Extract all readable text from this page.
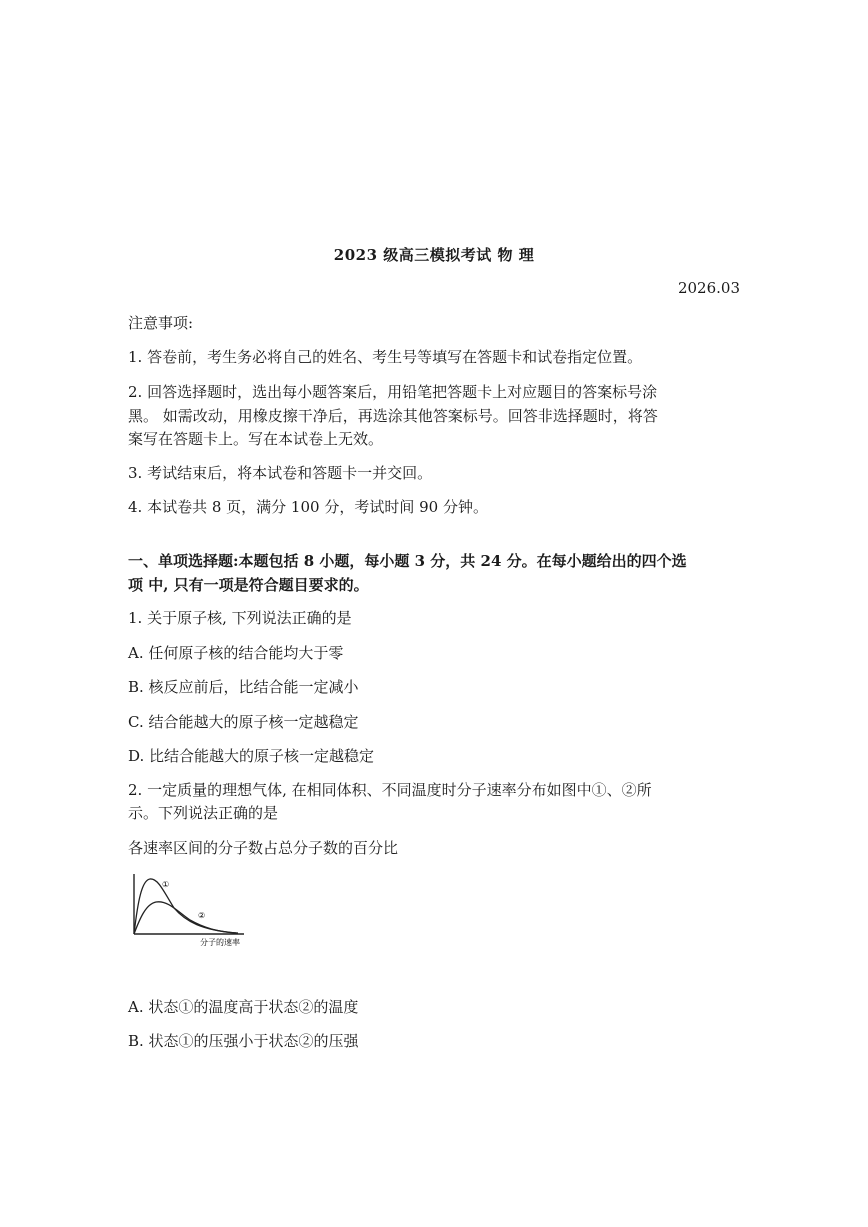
2023 级高三模拟考试 物 理
2026.03
注意事项:
1. 答卷前，考生务必将自己的姓名、考生号等填写在答题卡和试卷指定位置。
2. 回答选择题时，选出每小题答案后，用铅笔把答题卡上对应题目的答案标号涂
黑。 如需改动，用橡皮擦干净后，再选涂其他答案标号。回答非选择题时，将答
案写在答题卡上。写在本试卷上无效。
3. 考试结束后，将本试卷和答题卡一并交回。
4. 本试卷共 8 页，满分 100 分，考试时间 90 分钟。
一、单项选择题:本题包括 8 小题，每小题 3 分，共 24 分。在每小题给出的四个选
项 中, 只有一项是符合题目要求的。
1. 关于原子核, 下列说法正确的是
A. 任何原子核的结合能均大于零
B. 核反应前后，比结合能一定减小
C. 结合能越大的原子核一定越稳定
D. 比结合能越大的原子核一定越稳定
2. 一定质量的理想气体, 在相同体积、不同温度时分子速率分布如图中①、②所
示。下列说法正确的是
各速率区间的分子数占总分子数的百分比
①
②
分子的速率
A. 状态①的温度高于状态②的温度
B. 状态①的压强小于状态②的压强
